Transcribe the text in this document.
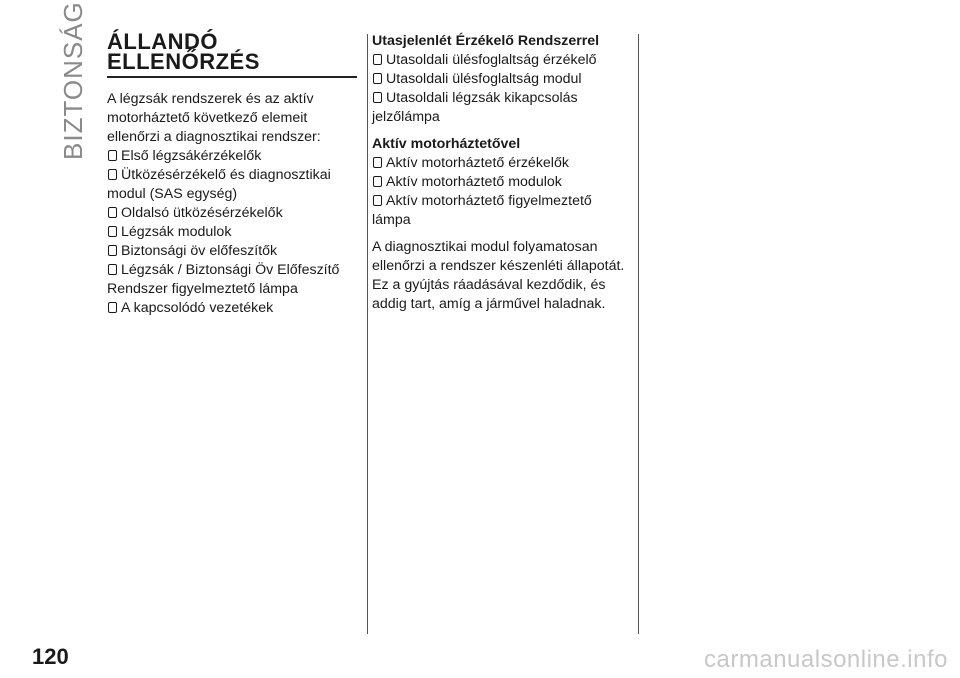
BIZTONSÁG ÁLLANDÓ
ELLENŐRZÉS

A légzsák rendszerek és az aktív motorháztető következő elemeit ellenőrzi a diagnosztikai rendszer:

Első légzsákérzékelők

Ütközésérzékelő és diagnosztikai modul (SAS egység)

Oldalsó ütközésérzékelők

Légzsák modulok

Biztonsági öv előfeszítők

Légzsák / Biztonsági Öv Előfeszítő Rendszer figyelmeztető lámpa

A kapcsolódó vezetékek

Utasjelenlét Érzékelő Rendszerrel

Utasoldali ülésfoglaltság érzékelő

Utasoldali ülésfoglaltság modul

Utasoldali légzsák kikapcsolás jelzőlámpa

Aktív motorháztetővel

Aktív motorháztető érzékelők

Aktív motorháztető modulok

Aktív motorháztető figyelmeztető lámpa

A diagnosztikai modul folyamatosan ellenőrzi a rendszer készenléti állapotát.

Ez a gyújtás ráadásával kezdődik, és addig tart, amíg a járművel haladnak.

120	carmanualsonline.info
